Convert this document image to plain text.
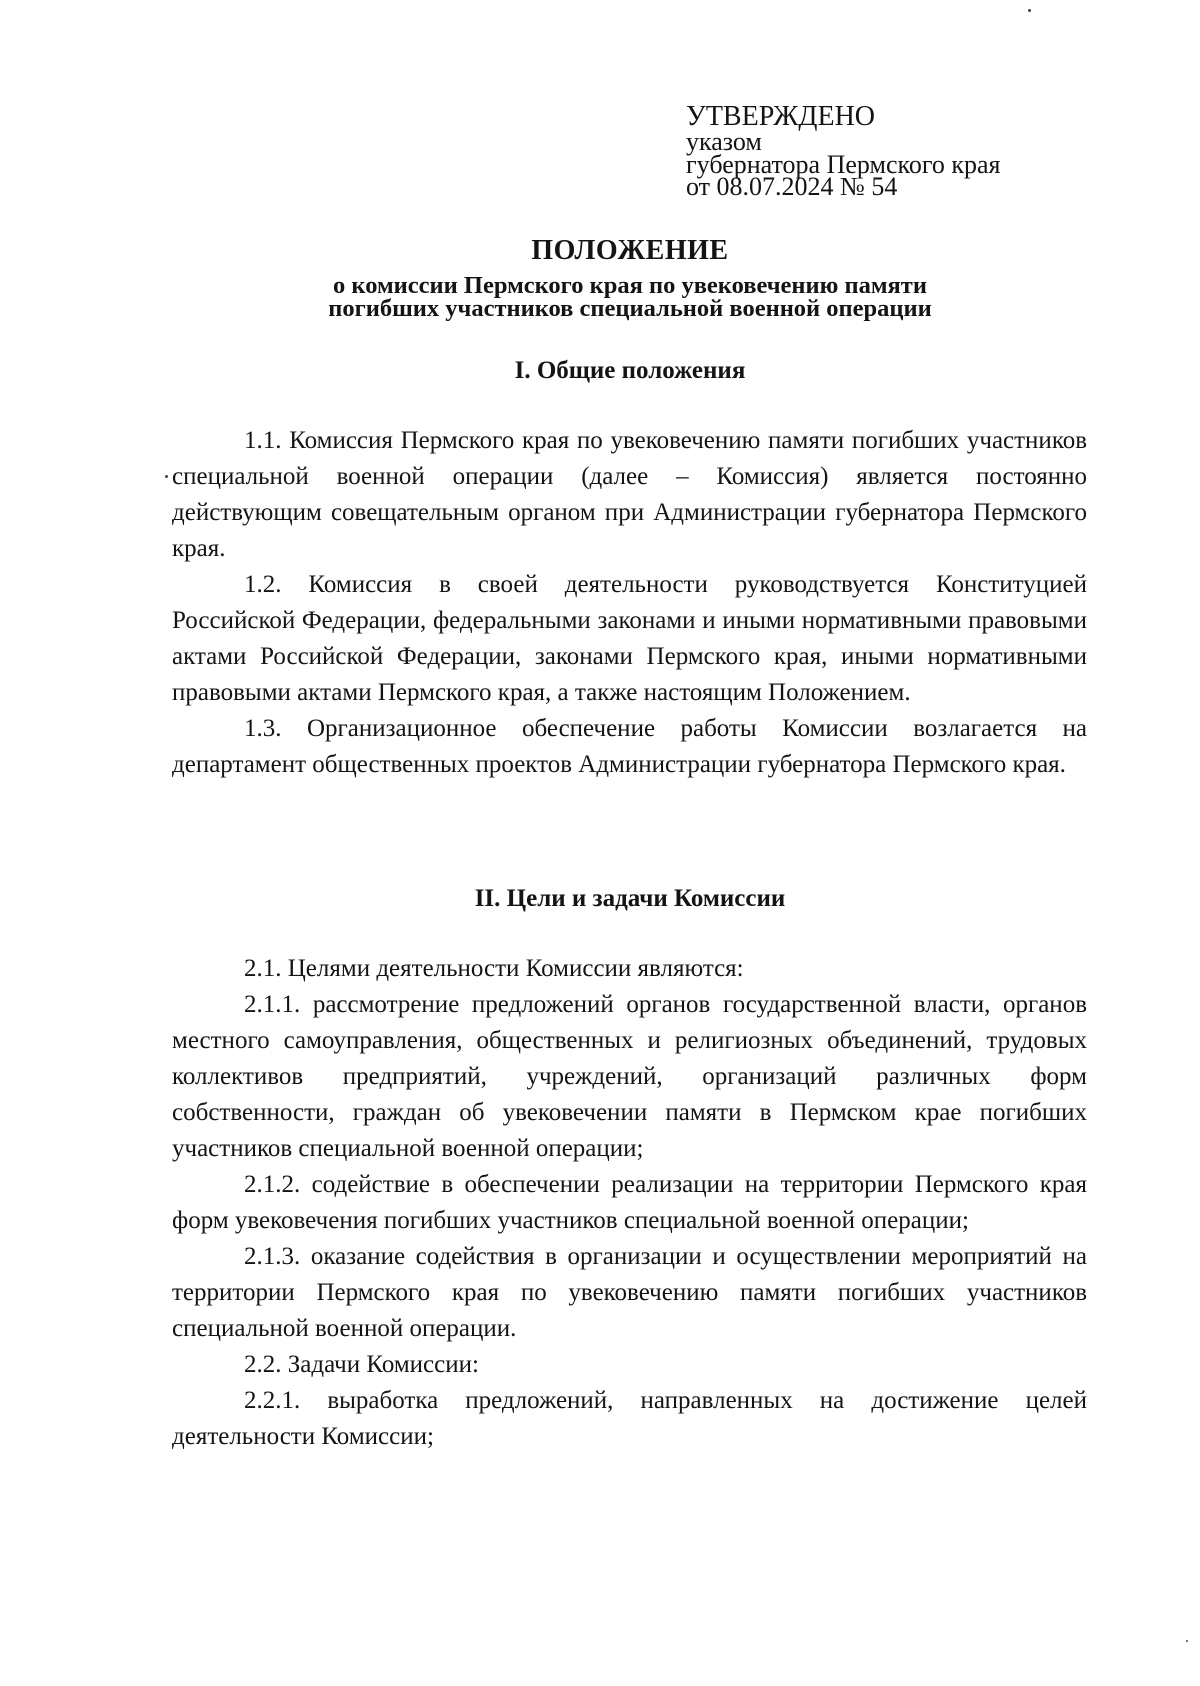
УТВЕРЖДЕНО
указом
губернатора Пермского края
от 08.07.2024 № 54
ПОЛОЖЕНИЕ
о комиссии Пермского края по увековечению памяти
погибших участников специальной военной операции
I. Общие положения

1.1. Комиссия Пермского края по увековечению памяти погибших участников специальной военной операции (далее – Комиссия) является постоянно действующим совещательным органом при Администрации губернатора Пермского края.

1.2. Комиссия в своей деятельности руководствуется Конституцией Российской Федерации, федеральными законами и иными нормативными правовыми актами Российской Федерации, законами Пермского края, иными нормативными правовыми актами Пермского края, а также настоящим Положением.

1.3. Организационное обеспечение работы Комиссии возлагается на департамент общественных проектов Администрации губернатора Пермского края.

II. Цели и задачи Комиссии

2.1. Целями деятельности Комиссии являются:

2.1.1. рассмотрение предложений органов государственной власти, органов местного самоуправления, общественных и религиозных объединений, трудовых коллективов предприятий, учреждений, организаций различных форм собственности, граждан об увековечении памяти в Пермском крае погибших участников специальной военной операции;

2.1.2. содействие в обеспечении реализации на территории Пермского края форм увековечения погибших участников специальной военной операции;

2.1.3. оказание содействия в организации и осуществлении мероприятий на территории Пермского края по увековечению памяти погибших участников специальной военной операции.

2.2. Задачи Комиссии:

2.2.1. выработка предложений, направленных на достижение целей деятельности Комиссии;
